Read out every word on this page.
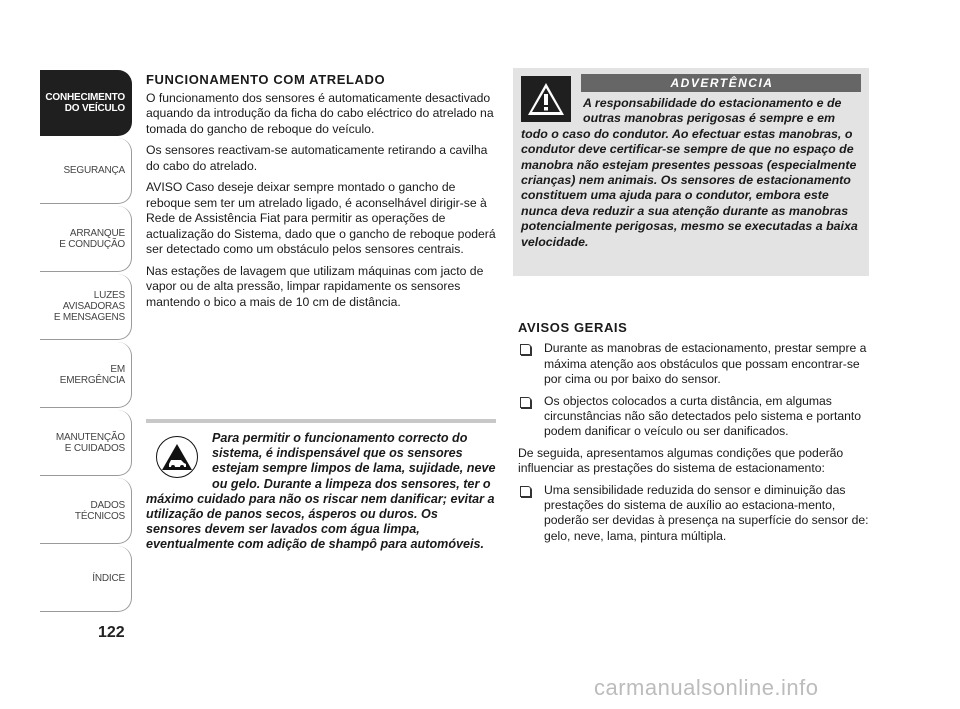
CONHECIMENTO
DO VEÍCULO
SEGURANÇA
ARRANQUE
E CONDUÇÃO
LUZES
AVISADORAS
E MENSAGENS
EM EMERGÊNCIA
MANUTENÇÃO
E CUIDADOS
DADOS
TÉCNICOS
ÍNDICE
122
FUNCIONAMENTO COM ATRELADO

O funcionamento dos sensores é automaticamente desactivado aquando da introdução da ficha do cabo eléctrico do atrelado na tomada do gancho de reboque do veículo.

Os sensores reactivam-se automaticamente retirando a cavilha do cabo do atrelado.

AVISO Caso deseje deixar sempre montado o gancho de reboque sem ter um atrelado ligado, é aconselhável dirigir-se à Rede de Assistência Fiat para permitir as operações de actualização do Sistema, dado que o gancho de reboque poderá ser detectado como um obstáculo pelos sensores centrais.

Nas estações de lavagem que utilizam máquinas com jacto de vapor ou de alta pressão, limpar rapidamente os sensores mantendo o bico a mais de 10 cm de distância.

Para permitir o funcionamento correcto do sistema, é indispensável que os sensores estejam sempre limpos de lama, sujidade, neve ou gelo. Durante a limpeza dos sensores, ter o máximo cuidado para não os riscar nem danificar; evitar a utilização de panos secos, ásperos ou duros. Os sensores devem ser lavados com água limpa, eventualmente com adição de shampô para automóveis.
ADVERTÊNCIA
A responsabilidade do estacionamento e de outras manobras perigosas é sempre e em todo o caso do condutor. Ao efectuar estas manobras, o condutor deve certificar-se sempre de que no espaço de manobra não estejam presentes pessoas (especialmente crianças) nem animais. Os sensores de estacionamento constituem uma ajuda para o condutor, embora este nunca deva reduzir a sua atenção durante as manobras potencialmente perigosas, mesmo se executadas a baixa velocidade.
AVISOS GERAIS
Durante as manobras de estacionamento, prestar sempre a máxima atenção aos obstáculos que possam encontrar-se por cima ou por baixo do sensor.
Os objectos colocados a curta distância, em algumas circunstâncias não são detectados pelo sistema e portanto podem danificar o veículo ou ser danificados.

De seguida, apresentamos algumas condições que poderão influenciar as prestações do sistema de estacionamento:

Uma sensibilidade reduzida do sensor e diminuição das prestações do sistema de auxílio ao estaciona-mento, poderão ser devidas à presença na superfície do sensor de: gelo, neve, lama, pintura múltipla.
carmanualsonline.info
